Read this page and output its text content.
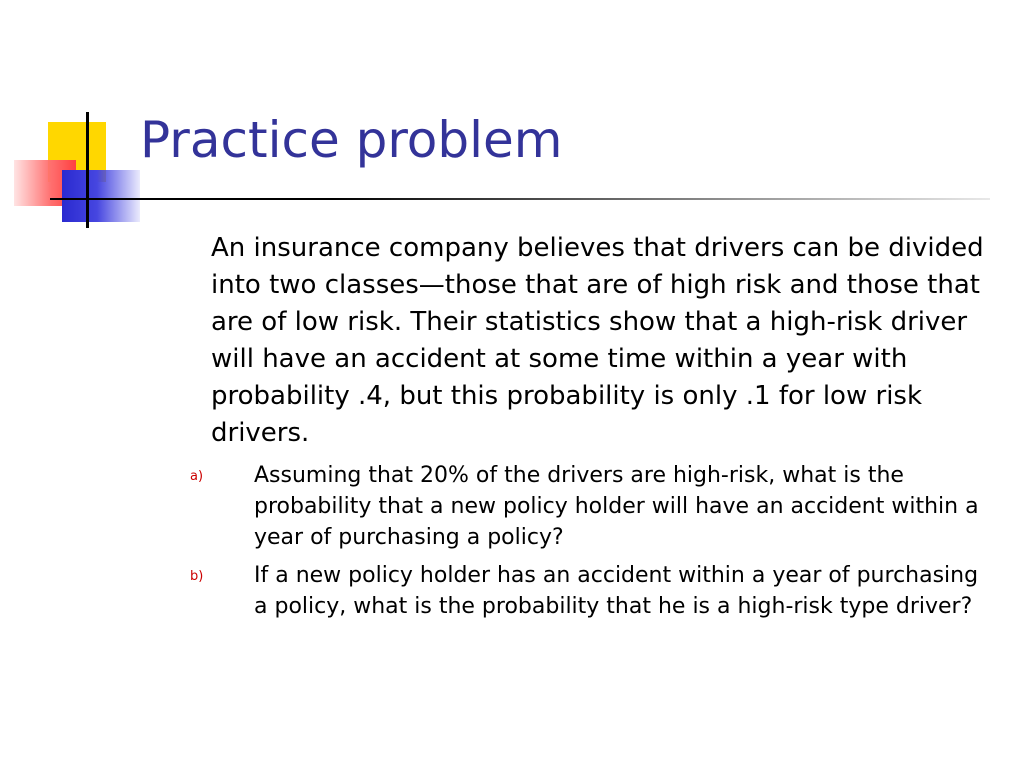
Practice problem

An insurance company believes that drivers can be divided into two classes—those that are of high risk and those that are of low risk. Their statistics show that a high-risk driver will have an accident at some time within a year with probability .4, but this probability is only .1 for low risk drivers.

a) Assuming that 20% of the drivers are high-risk, what is the probability that a new policy holder will have an accident within a year of purchasing a policy?

b) If a new policy holder has an accident within a year of purchasing a policy, what is the probability that he is a high-risk type driver?
